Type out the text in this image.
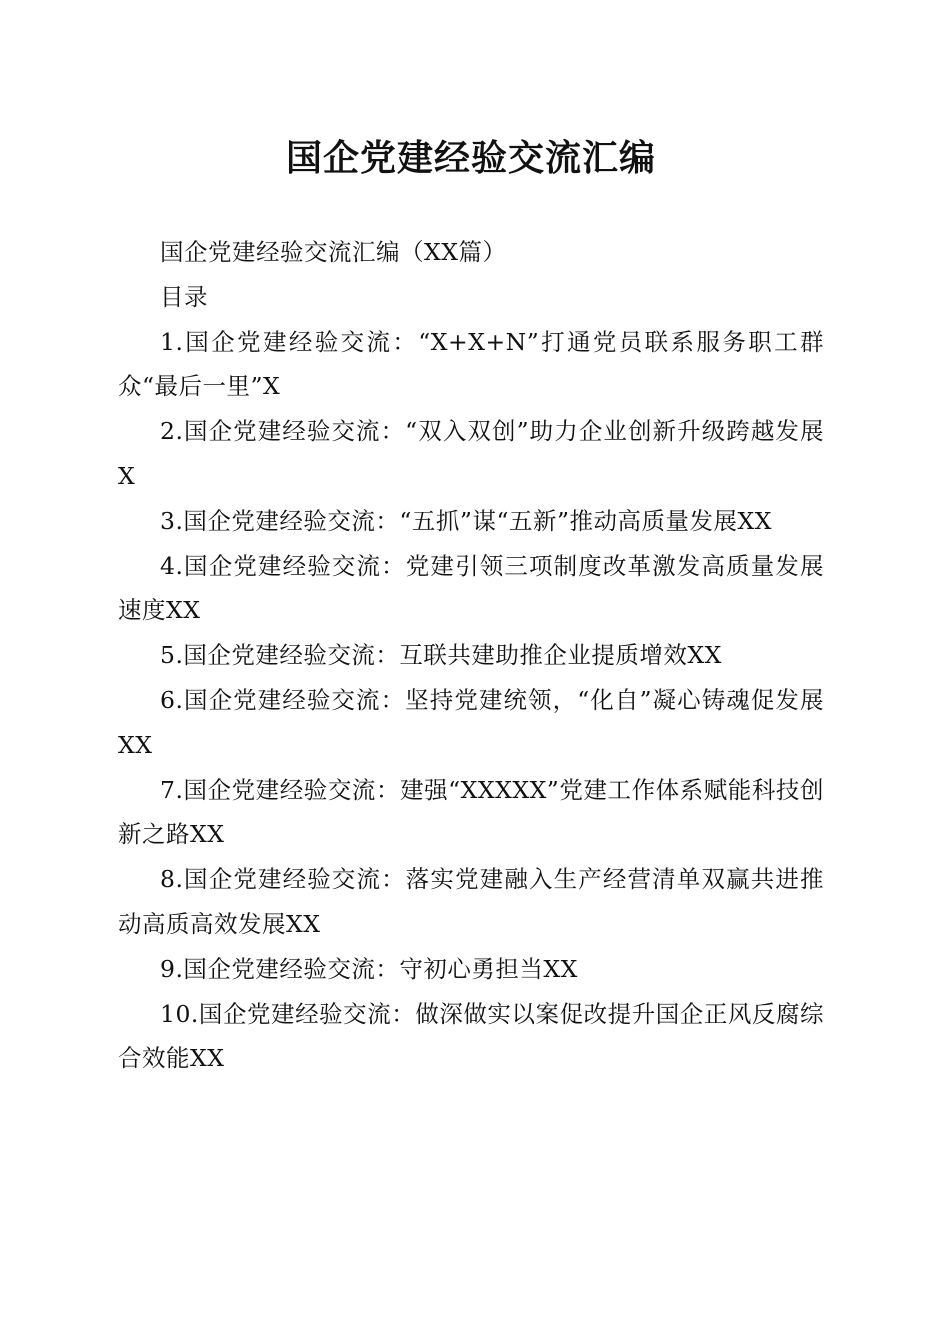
国企党建经验交流汇编

国企党建经验交流汇编（XX篇）

目录

1.国企党建经验交流：“X+X+N”打通党员联系服务职工群众“最后一里”X

2.国企党建经验交流：“双入双创”助力企业创新升级跨越发展X

3.国企党建经验交流：“五抓”谋“五新”推动高质量发展XX

4.国企党建经验交流：党建引领三项制度改革激发高质量发展速度XX

5.国企党建经验交流：互联共建助推企业提质增效XX

6.国企党建经验交流：坚持党建统领，“化自”凝心铸魂促发展XX

7.国企党建经验交流：建强“XXXXX”党建工作体系赋能科技创新之路XX

8.国企党建经验交流：落实党建融入生产经营清单双赢共进推动高质高效发展XX

9.国企党建经验交流：守初心勇担当XX

10.国企党建经验交流：做深做实以案促改提升国企正风反腐综合效能XX
